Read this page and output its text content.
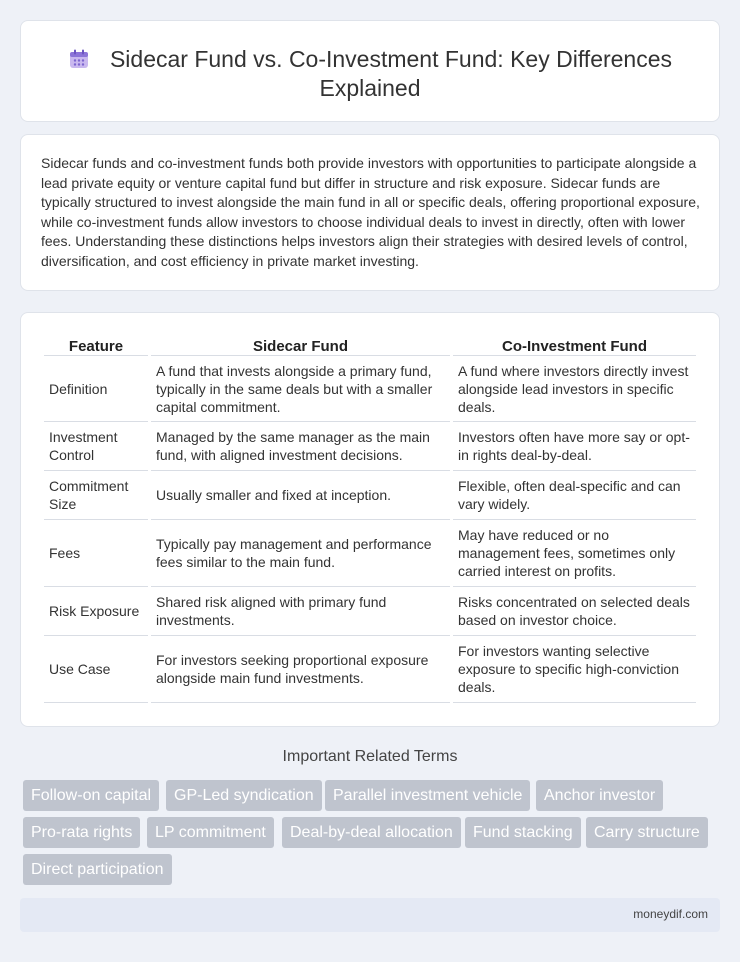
Sidecar Fund vs. Co-Investment Fund: Key Differences Explained

Sidecar funds and co-investment funds both provide investors with opportunities to participate alongside a lead private equity or venture capital fund but differ in structure and risk exposure. Sidecar funds are typically structured to invest alongside the main fund in all or specific deals, offering proportional exposure, while co-investment funds allow investors to choose individual deals to invest in directly, often with lower fees. Understanding these distinctions helps investors align their strategies with desired levels of control, diversification, and cost efficiency in private market investing.

Feature	Sidecar Fund	Co-Investment Fund
Definition	A fund that invests alongside a primary fund, typically in the same deals but with a smaller capital commitment.	A fund where investors directly invest alongside lead investors in specific deals.
Investment Control	Managed by the same manager as the main fund, with aligned investment decisions.	Investors often have more say or opt-in rights deal-by-deal.
Commitment Size	Usually smaller and fixed at inception.	Flexible, often deal-specific and can vary widely.
Fees	Typically pay management and performance fees similar to the main fund.	May have reduced or no management fees, sometimes only carried interest on profits.
Risk Exposure	Shared risk aligned with primary fund investments.	Risks concentrated on selected deals based on investor choice.
Use Case	For investors seeking proportional exposure alongside main fund investments.	For investors wanting selective exposure to specific high-conviction deals.
Important Related Terms
Follow-on capital	GP-Led syndication	Parallel investment vehicle	Anchor investor
Pro-rata rights	LP commitment	Deal-by-deal allocation	Fund stacking	Carry structure
Direct participation
moneydif.com
